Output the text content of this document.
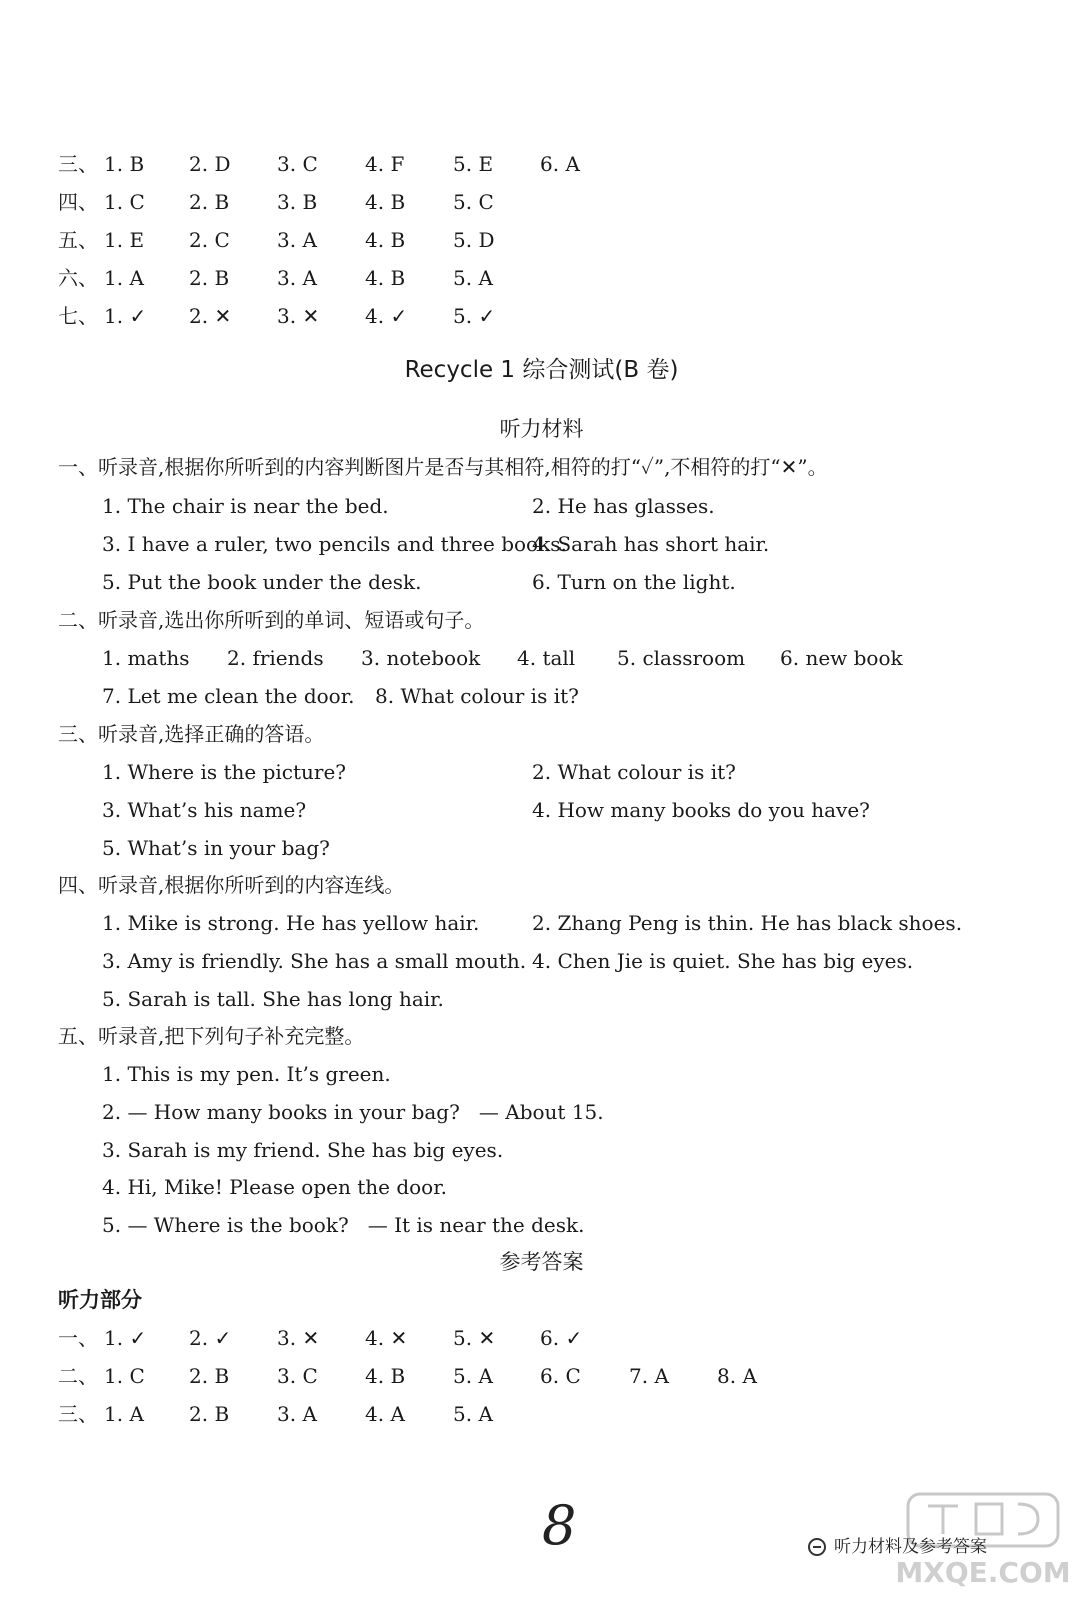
三、 1. B 2. D 3. C 4. F 5. E 6. A
四、 1. C 2. B 3. B 4. B 5. C
五、 1. E 2. C 3. A 4. B 5. D
六、 1. A 2. B 3. A 4. B 5. A
七、 1. ✓ 2. ✕ 3. ✕ 4. ✓ 5. ✓
Recycle 1 综合测试(B 卷)
听力材料
一、听录音,根据你所听到的内容判断图片是否与其相符,相符的打“✓”,不相符的打“✕”。
1. The chair is near the bed.	2. He has glasses.
3. I have a ruler, two pencils and three books.
4. Sarah has short hair.
5. Put the book under the desk.	6. Turn on the light.
二、听录音,选出你所听到的单词、短语或句子。
1. maths 2. friends 3. notebook 4. tall 5. classroom 6. new book
7. Let me clean the door. 8. What colour is it?
三、听录音,选择正确的答语。
1. Where is the picture?	2. What colour is it?
3. What’s his name?	4. How many books do you have?
5. What’s in your bag?
四、听录音,根据你所听到的内容连线。
1. Mike is strong. He has yellow hair.	2. Zhang Peng is thin. He has black shoes.
3. Amy is friendly. She has a small mouth. 4. Chen Jie is quiet. She has big eyes.
5. Sarah is tall. She has long hair.
五、听录音,把下列句子补充完整。
1. This is my pen. It’s green.
2. — How many books in your bag?   — About 15.
3. Sarah is my friend. She has big eyes.
4. Hi, Mike! Please open the door.
5. — Where is the book?   — It is near the desk.
参考答案
听力部分
一、 1. ✓ 2. ✓ 3. ✕ 4. ✕ 5. ✕ 6. ✓
二、 1. C 2. B 3. C 4. B 5. A 6. C 7. A 8. A
三、 1. A 2. B 3. A 4. A 5. A
8
MXQE.COM
听力材料及参考答案
